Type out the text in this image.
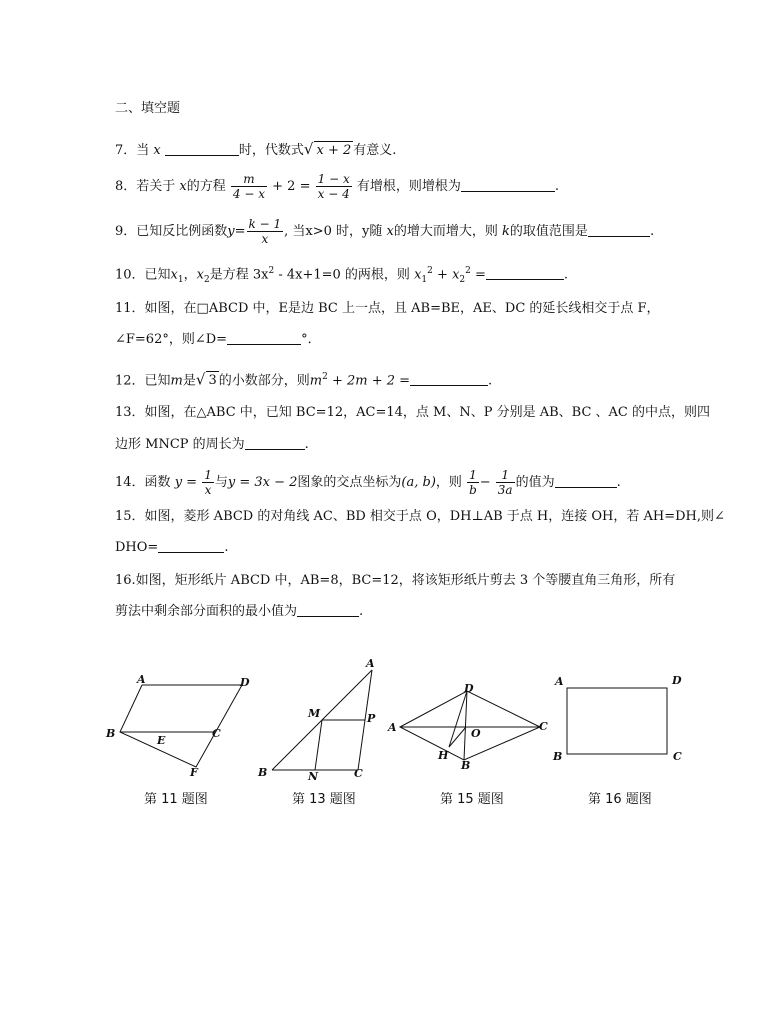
二、填空题
7．当 x	时，代数式√ x + 2 有意义.
8．若关于 x的方程 $\frac{m}{4 - x} + 2 = \frac{1 - x}{x - 4}$ 有增根，则增根为	.
9．已知反比例函数$y= \frac{k - 1}{x}$ , 当x>0 时，y随 x的增大而增大，则 k的取值范围是	.
10．已知$x_1$，$x_2$是方程 $3x^2 - 4x+1=0$ 的两根，则 $x_1^2 + x_2^2$ =	.
11．如图，在□ABCD 中，E是边 BC 上一点，且 AB=BE，AE、DC 的延长线相交于点 F，
∠F=62°，则∠D=	°．
12．已知m是√ 3 的小数部分，则$m^2 + 2m + 2$ =	.
13．如图，在△ABC 中，已知 BC=12，AC=14，点 M、N、P 分别是 AB、BC 、AC 的中点，则四
边形 MNCP 的周长为	.
14．函数 $y = \frac{1}{x}$ 与y = 3x − 2图象的交点坐标为(a, b)，则 $\frac{1}{b} - \frac{1}{3a}$ 的值为	.
15．如图，菱形 ABCD 的对角线 AC、BD 相交于点 O，DH⊥AB 于点 H，连接 OH，若 AH=DH,则∠
DHO=	.
16.如图，矩形纸片 ABCD 中，AB=8，BC=12，将该矩形纸片剪去 3 个等腰直角三角形，所有
剪法中剩余部分面积的最小值为	.
A	D
B
E
C
F
A
M	P
B	N	C
D
A	O
C
H
B
A	D
B	C
第 11 题图	第 13 题图	第 15 题图	第 16 题图
